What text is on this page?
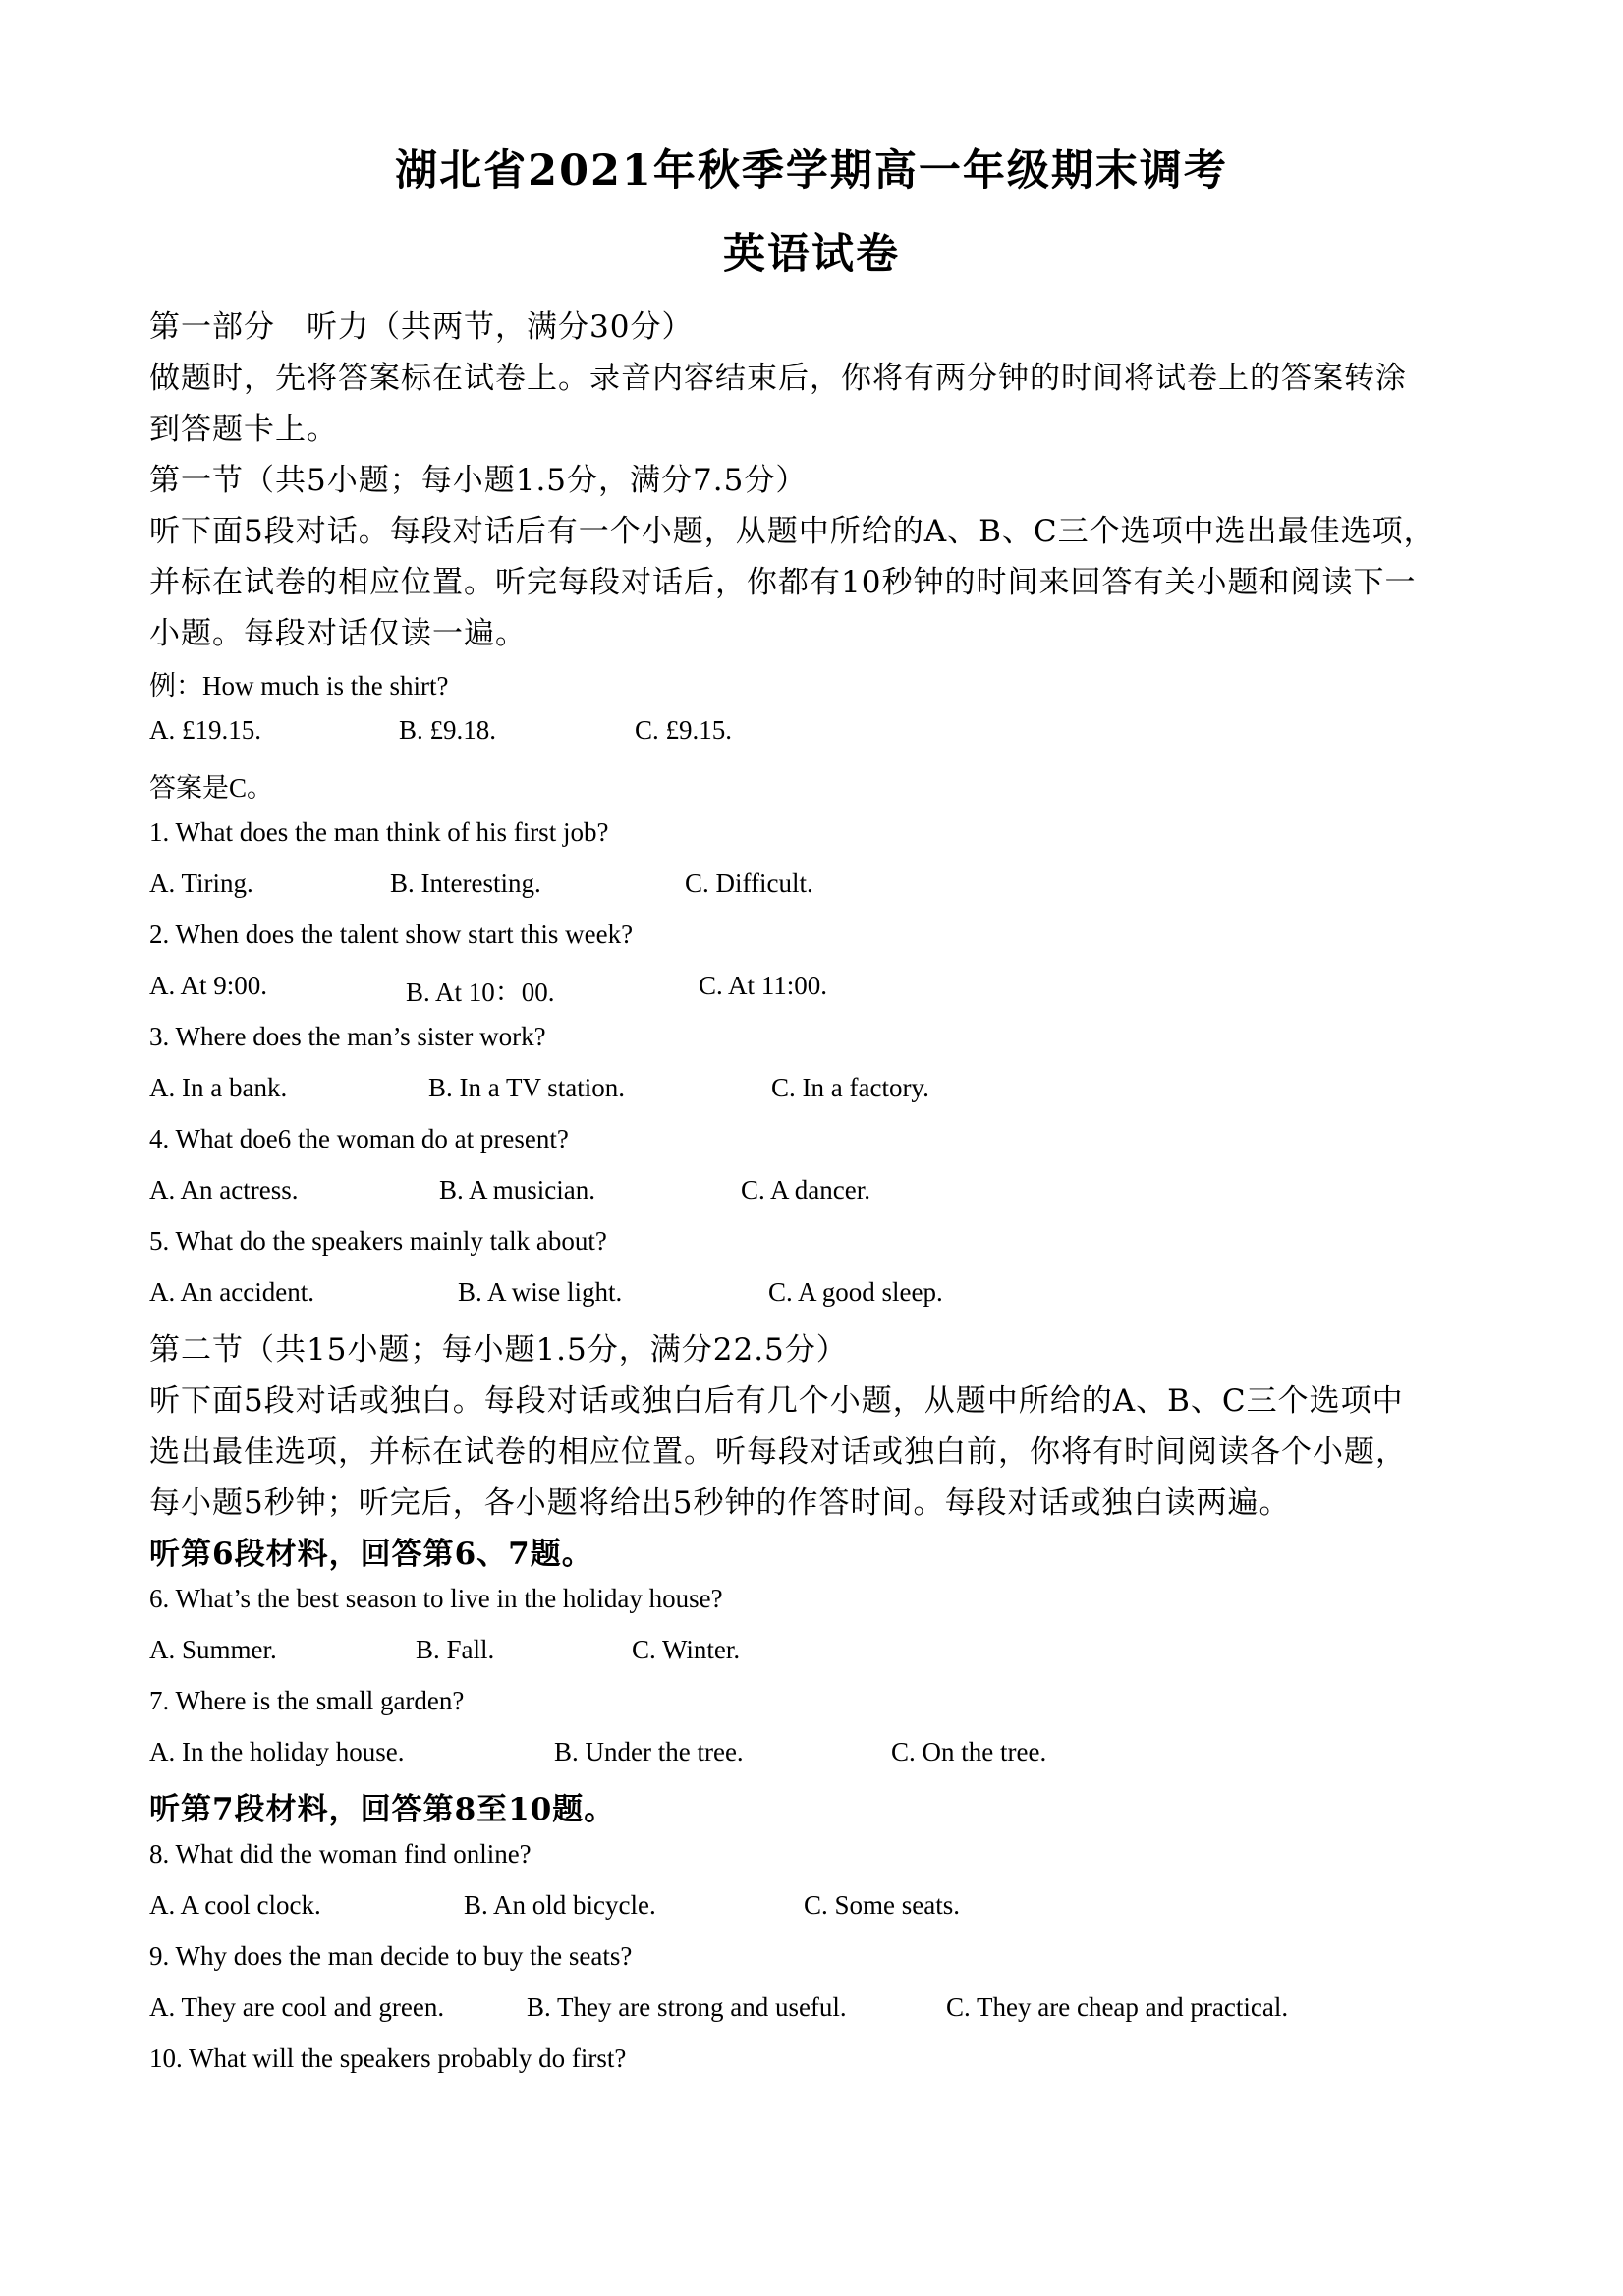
湖北省2021年秋季学期高一年级期末调考
英语试卷
第一部分　听力（共两节，满分30分）
做题时，先将答案标在试卷上。录音内容结束后，你将有两分钟的时间将试卷上的答案转涂
到答题卡上。
第一节（共5小题；每小题1.5分，满分7.5分）
听下面5段对话。每段对话后有一个小题，从题中所给的A、B、C三个选项中选出最佳选项，
并标在试卷的相应位置。听完每段对话后，你都有10秒钟的时间来回答有关小题和阅读下一
小题。每段对话仅读一遍。
例：How much is the shirt?
A. £19.15.	B. £9.18.	C. £9.15.
答案是C。
1. What does the man think of his first job?
A. Tiring.	B. Interesting.	C. Difficult.
2. When does the talent show start this week?
A. At 9:00.	B. At 10：00.	C. At 11:00.
3. Where does the man’s sister work?
A. In a bank.	B. In a TV station.	C. In a factory.
4. What doe6 the woman do at present?
A. An actress.	B. A musician.	C. A dancer.
5. What do the speakers mainly talk about?
A. An accident.	B. A wise light.	C. A good sleep.
第二节（共15小题；每小题1.5分，满分22.5分）
听下面5段对话或独白。每段对话或独白后有几个小题，从题中所给的A、B、C三个选项中
选出最佳选项，并标在试卷的相应位置。听每段对话或独白前，你将有时间阅读各个小题，
每小题5秒钟；听完后，各小题将给出5秒钟的作答时间。每段对话或独白读两遍。
听第6段材料，回答第6、7题。
6. What’s the best season to live in the holiday house?
A. Summer.	B. Fall.	C. Winter.
7. Where is the small garden?
A. In the holiday house.	B. Under the tree.	C. On the tree.
听第7段材料，回答第8至10题。
8. What did the woman find online?
A. A cool clock.	B. An old bicycle.	C. Some seats.
9. Why does the man decide to buy the seats?
A. They are cool and green.	B. They are strong and useful.	C. They are cheap and practical.
10. What will the speakers probably do first?
